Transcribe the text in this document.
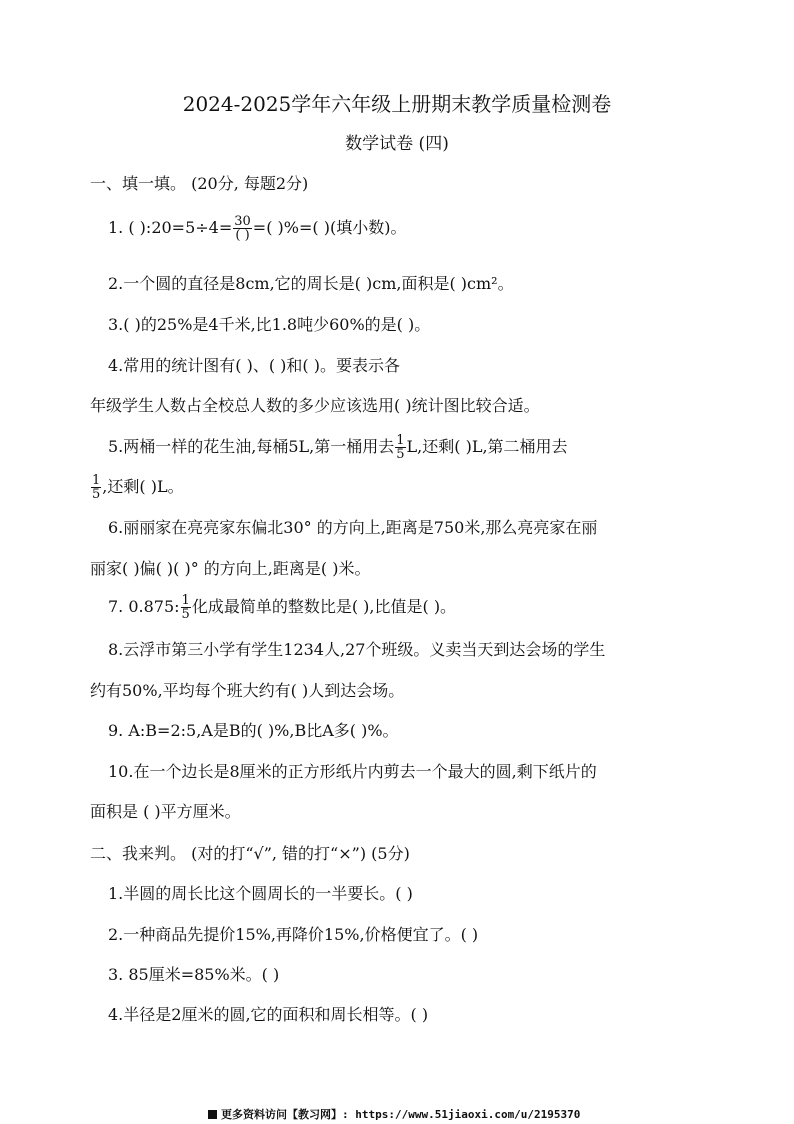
2024-2025学年六年级上册期末教学质量检测卷
数学试卷 (四)
一、填一填。 (20分, 每题2分)
1. ( ):20=5÷4= $\frac{30}{( )}$ =( )%=( )(填小数)。
2.一个圆的直径是8cm,它的周长是( )cm,面积是( )cm²。
3.( )的25%是4千米,比1.8吨少60%的是( )。
4.常用的统计图有( )、( )和( )。要表示各
年级学生人数占全校总人数的多少应该选用( )统计图比较合适。
5.两桶一样的花生油,每桶5L,第一桶用去 $\frac{1}{5} L$,还剩( )L,第二桶用去
$\frac{1}{5}$ ,还剩( )L。
6.丽丽家在亮亮家东偏北30° 的方向上,距离是750米,那么亮亮家在丽
丽家( )偏( )( )° 的方向上,距离是( )米。
7. 0.875: $\frac{1}{5}$ 化成最简单的整数比是( ),比值是( )。
8.云浮市第三小学有学生1234人,27个班级。义卖当天到达会场的学生
约有50%,平均每个班大约有( )人到达会场。
9. A:B=2:5,A是B的( )%,B比A多( )%。
10.在一个边长是8厘米的正方形纸片内剪去一个最大的圆,剩下纸片的
面积是 ( )平方厘米。
二、我来判。 (对的打“√”, 错的打“×”) (5分)
1.半圆的周长比这个圆周长的一半要长。( )
2.一种商品先提价15%,再降价15%,价格便宜了。( )
3. 85厘米=85%米。( )
4.半径是2厘米的圆,它的面积和周长相等。( )
更多资料访问【教习网】: https://www.51jiaoxi.com/u/2195370
